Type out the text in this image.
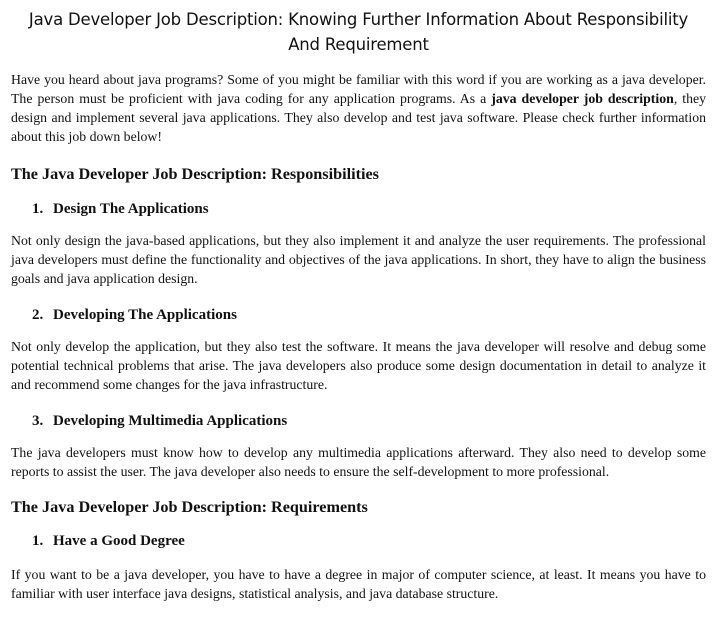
Java Developer Job Description: Knowing Further Information About Responsibility And Requirement

Have you heard about java programs? Some of you might be familiar with this word if you are working as a java developer. The person must be proficient with java coding for any application programs. As a java developer job description, they design and implement several java applications. They also develop and test java software. Please check further information about this job down below!

The Java Developer Job Description: Responsibilities
1. Design The Applications

Not only design the java-based applications, but they also implement it and analyze the user requirements. The professional java developers must define the functionality and objectives of the java applications. In short, they have to align the business goals and java application design.

2. Developing The Applications

Not only develop the application, but they also test the software. It means the java developer will resolve and debug some potential technical problems that arise. The java developers also produce some design documentation in detail to analyze it and recommend some changes for the java infrastructure.

3. Developing Multimedia Applications

The java developers must know how to develop any multimedia applications afterward. They also need to develop some reports to assist the user. The java developer also needs to ensure the self-development to more professional.

The Java Developer Job Description: Requirements
1. Have a Good Degree

If you want to be a java developer, you have to have a degree in major of computer science, at least. It means you have to familiar with user interface java designs, statistical analysis, and java database structure.
